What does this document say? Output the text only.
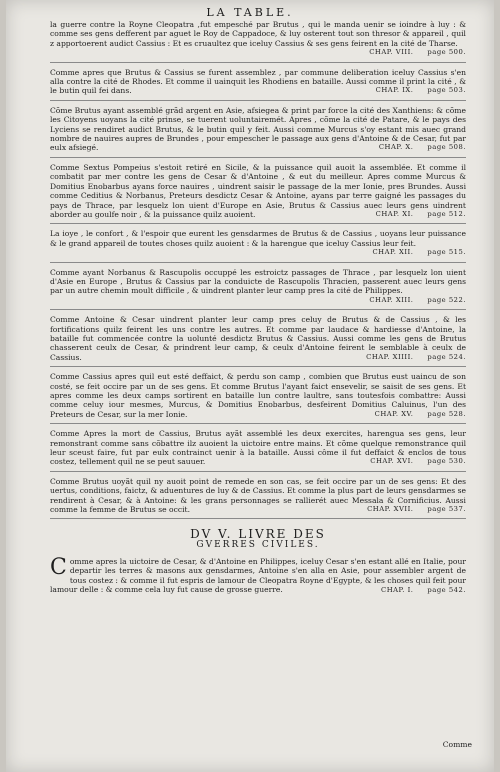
LA TABLE.

la guerre contre la Royne Cleopatra ,fut empesché par Brutus , qui le manda uenir se ioindre à luy : & comme ses gens defferent par aguet le Roy de Cappadoce, & luy osterent tout son thresor & appareil , quil z apportoerent audict Cassius : Et es cruaultez que iceluy Cassius & ses gens feirent en la cité de Tharse.
CHAP. VIII. page 500.

Comme apres que Brutus & Cassius se furent assemblez , par commune deliberation iceluy Cassius s'en alla contre la cité de Rhodes. Et comme il uainquit les Rhodiens en bataille. Aussi comme il print la cité , & le butin quil fei dans.	CHAP. IX. page 503.

Cõme Brutus ayant assemblé grãd argent en Asie, afsiegea & print par force la cité des Xanthiens: & cõme les Citoyens uoyans la cité prinse, se tuerent uoluntairemét. Apres , cõme la cité de Patare, & le pays des Lyciens se rendiret audict Brutus, & le butin quil y feit. Aussi comme Murcus s'oy estant mis auec grand nombre de nauires aupres de Brundes , pour empescher le passage aux gens d'Antoine & de Cesar, fut par eulx afsiegé.	CHAP. X. page 508.

Comme Sextus Pompeius s'estoit retiré en Sicile, & la puissance quil auoit la assemblée. Et comme il combatit par mer contre les gens de Cesar & d'Antoine , & eut du meilleur. Apres comme Murcus & Domitius Enobarbus ayans force nauires , uindrent saisir le passage de la mer Ionie, pres Brundes. Aussi comme Ceditius & Norbanus, Preteurs desdictz Cesar & Antoine, ayans par terre gaigné les passages du pays de Thrace, par lesquelz lon uient d'Europe en Asie, Brutus & Cassius auec leurs gens uindrent aborder au goulfe noir , & la puissance quilz auoient.	CHAP. XI. page 512.

La ioye , le confort , & l'espoir que eurent les gensdarmes de Brutus & de Cassius , uoyans leur puissance & le grand appareil de toutes choses quilz auoient : & la harengue que iceluy Cassius leur feit.
CHAP. XII. page 515.

Comme ayant Norbanus & Rascupolis occuppé les estroictz passages de Thrace , par lesquelz lon uient d'Asie en Europe , Brutus & Cassius par la conduicte de Rascupolis Thracien, passerent auec leurs gens par un autre chemin moult difficile , & uindrent planter leur camp pres la cité de Philippes.
CHAP. XIII. page 522.

Comme Antoine & Cesar uindrent planter leur camp pres celuy de Brutus & de Cassius , & les fortifications quilz feirent les uns contre les autres. Et comme par laudace & hardiesse d'Antoine, la bataille fut commencée contre la uolunté desdictz Brutus & Cassius. Aussi comme les gens de Brutus chasserent ceulx de Cesar, & prindrent leur camp, & ceulx d'Antoine feirent le semblable à ceulx de Cassius.	CHAP. XIIII. page 524.

Comme Cassius apres quil eut esté deffaict, & perdu son camp , combien que Brutus eust uaincu de son costé, se feit occire par un de ses gens. Et comme Brutus l'ayant faict ensevelir, se saisit de ses gens. Et apres comme les deux camps sortirent en bataille lun contre laultre, sans toutesfois combattre: Aussi comme celuy iour mesmes, Murcus, & Domitius Enobarbus, desfeirent Domitius Caluinus, l'un des Preteurs de Cesar, sur la mer Ionie.	CHAP. XV. page 528.

Comme Apres la mort de Cassius, Brutus ayãt assemblé les deux exercites, harengua ses gens, leur remonstrant comme sans cõbattre ilz auoient la uictoire entre mains. Et cõme quelque remonstrance quil leur sceust faire, fut par eulx contrainct uenir à la bataille. Aussi côme il fut deffaict & enclos de tous costez, tellement quil ne se peut sauuer.	CHAP. XVI. page 530.

Comme Brutus uoyãt quil ny auoit point de remede en son cas, se feit occire par un de ses gens: Et des uertus, conditions, faictz, & aduentures de luy & de Cassius. Et comme la plus part de leurs gensdarmes se rendirent à Cesar, & à Antoine: & les grans personnages se rallierét auec Messala & Cornificius. Aussi comme la femme de Brutus se occit.	CHAP. XVII. page 537.

DV V. LIVRE DES
GVERRES CIVILES.

Comme apres la uictoire de Cesar, & d'Antoine en Philippes, iceluy Cesar s'en estant allé en Italie, pour departir les terres & masons aux gensdarmes, Antoine s'en alla en Asie, pour assembler argent de tous costez : & comme il fut espris de lamour de Cleopatra Royne d'Egypte, & les choses quil feit pour lamour delle : & comme cela luy fut cause de grosse guerre.	CHAP. I. page 542.

Comme
